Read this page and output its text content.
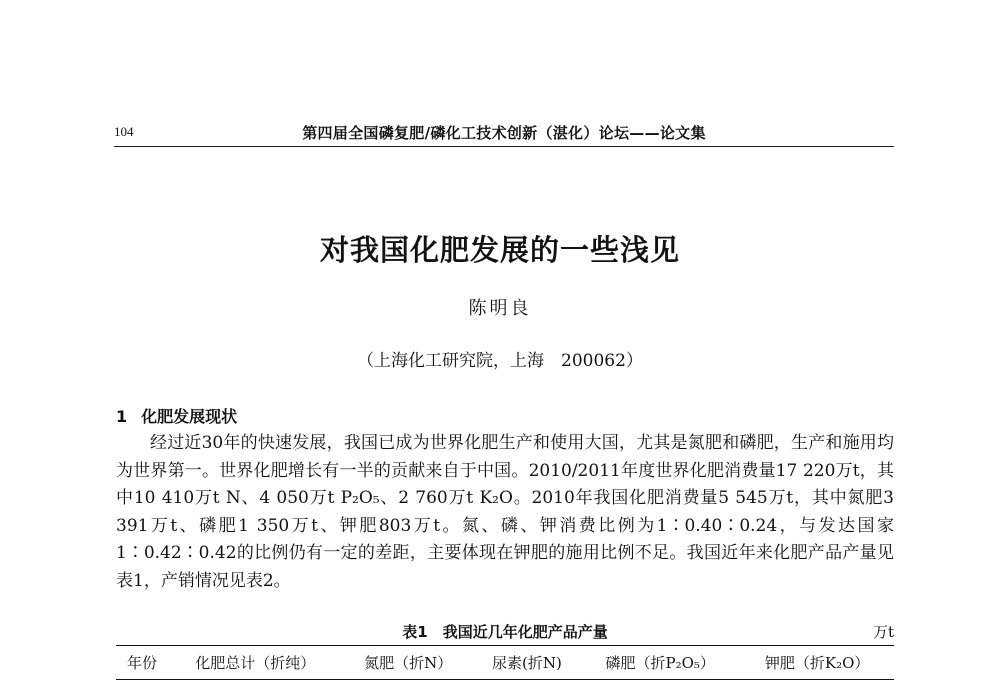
104	第四届全国磷复肥/磷化工技术创新（湛化）论坛——论文集
对我国化肥发展的一些浅见
陈明良
（上海化工研究院，上海　200062）
1 化肥发展现状

经过近30年的快速发展，我国已成为世界化肥生产和使用大国，尤其是氮肥和磷肥，生产和施用均为世界第一。世界化肥增长有一半的贡献来自于中国。2010/2011年度世界化肥消费量17 220万t，其中10 410万t N、4 050万t P₂O₅、2 760万t K₂O。2010年我国化肥消费量5 545万t，其中氮肥3 391万t、磷肥1 350万t、钾肥803万t。氮、磷、钾消费比例为1∶0.40∶0.24，与发达国家1∶0.42∶0.42的比例仍有一定的差距，主要体现在钾肥的施用比例不足。我国近年来化肥产品产量见表1，产销情况见表2。

表1　我国近几年化肥产品产量	万t
年份	化肥总计（折纯）	氮肥（折N）	尿素(折N)	磷肥（折P₂O₅）	钾肥（折K₂O）
